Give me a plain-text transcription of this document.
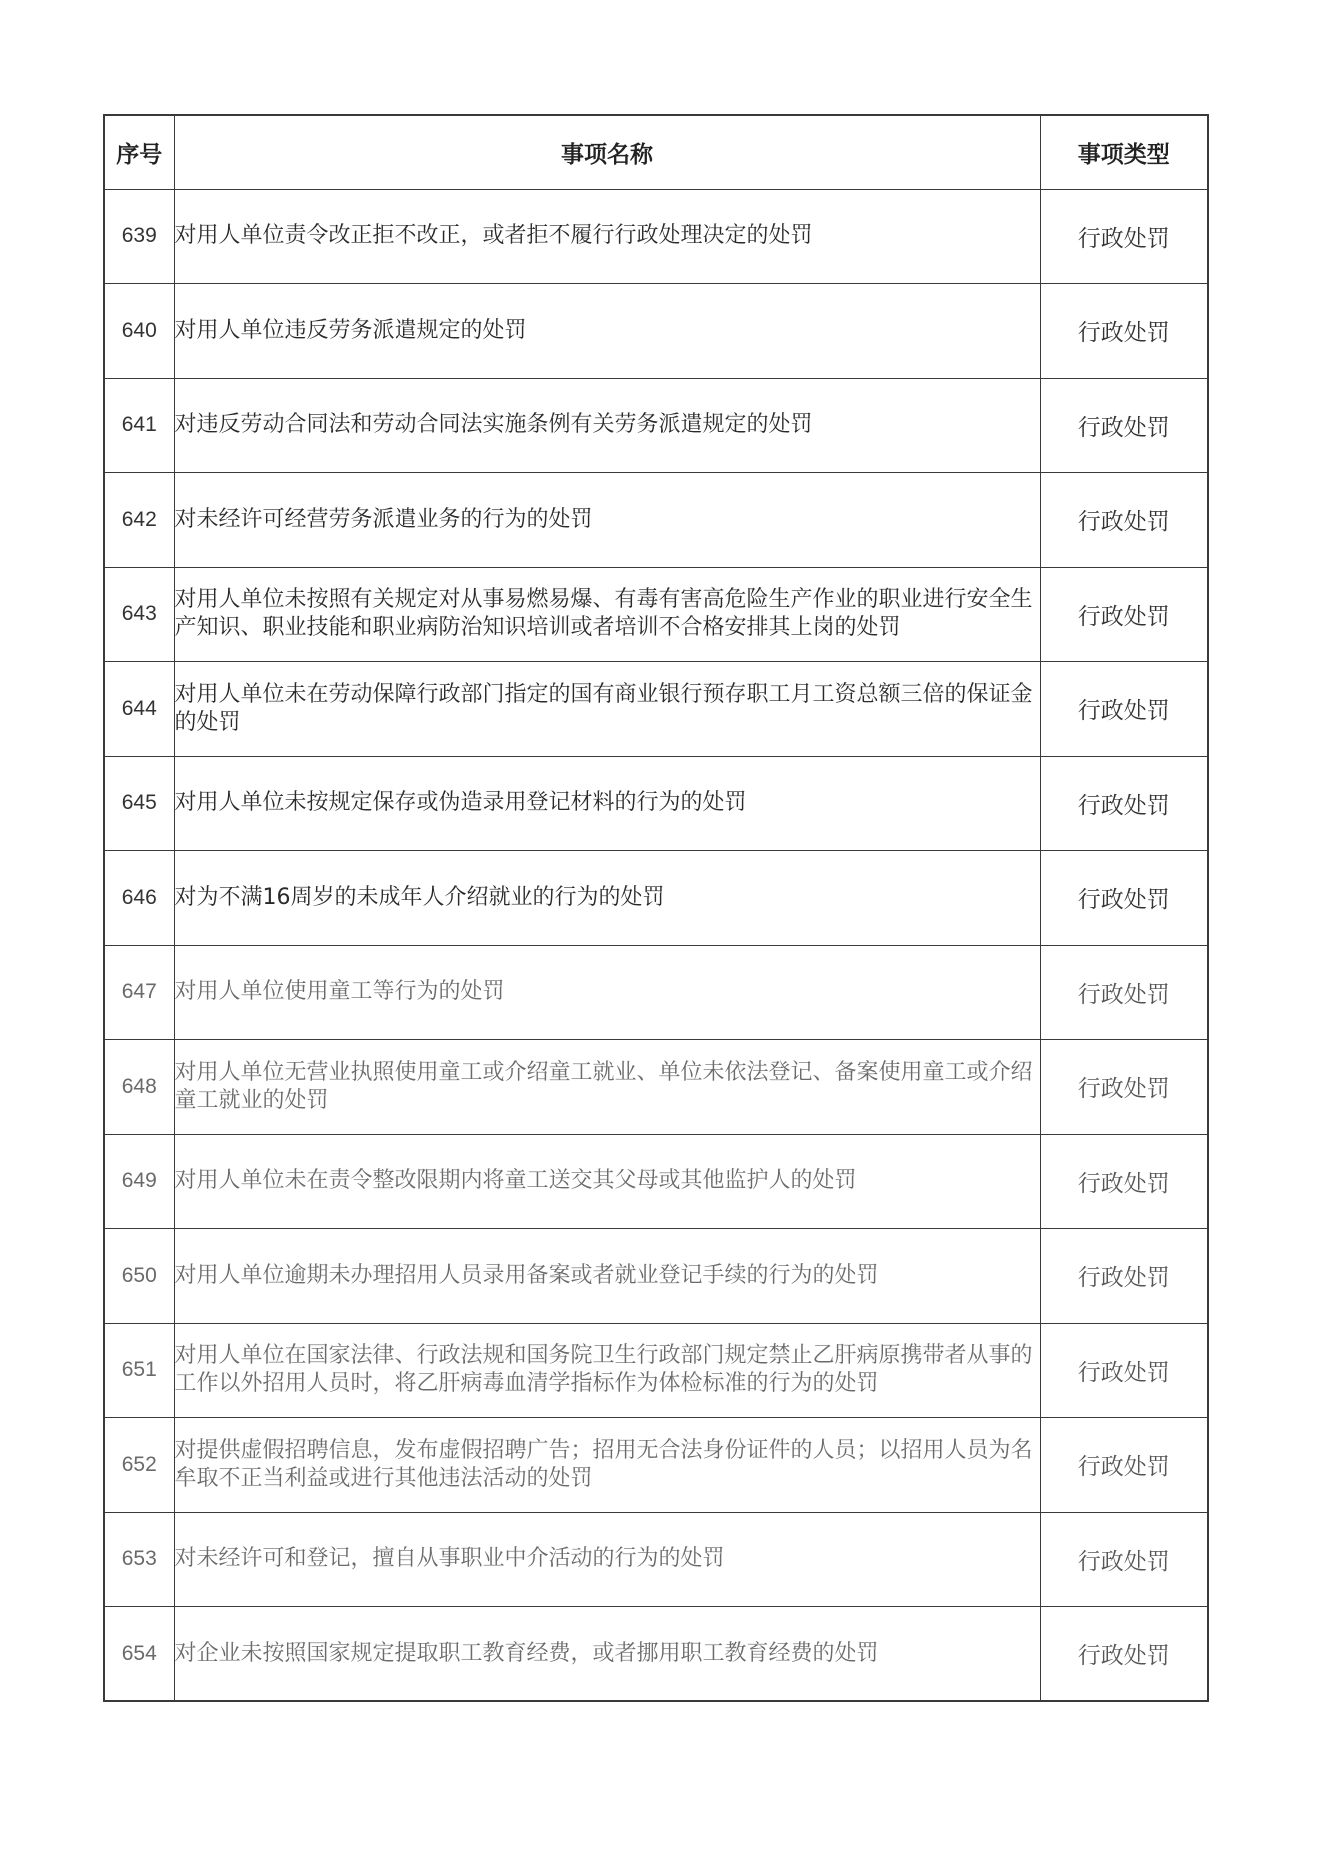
序号	事项名称	事项类型
639	对用人单位责令改正拒不改正，或者拒不履行行政处理决定的处罚	行政处罚
640	对用人单位违反劳务派遣规定的处罚	行政处罚
641	对违反劳动合同法和劳动合同法实施条例有关劳务派遣规定的处罚	行政处罚
642	对未经许可经营劳务派遣业务的行为的处罚	行政处罚
643	对用人单位未按照有关规定对从事易燃易爆、有毒有害高危险生产作业的职业进行安全生产知识、职业技能和职业病防治知识培训或者培训不合格安排其上岗的处罚	行政处罚
644	对用人单位未在劳动保障行政部门指定的国有商业银行预存职工月工资总额三倍的保证金的处罚	行政处罚
645	对用人单位未按规定保存或伪造录用登记材料的行为的处罚	行政处罚
646	对为不满16周岁的未成年人介绍就业的行为的处罚	行政处罚
647	对用人单位使用童工等行为的处罚	行政处罚
648	对用人单位无营业执照使用童工或介绍童工就业、单位未依法登记、备案使用童工或介绍童工就业的处罚	行政处罚
649	对用人单位未在责令整改限期内将童工送交其父母或其他监护人的处罚	行政处罚
650	对用人单位逾期未办理招用人员录用备案或者就业登记手续的行为的处罚	行政处罚
651	对用人单位在国家法律、行政法规和国务院卫生行政部门规定禁止乙肝病原携带者从事的工作以外招用人员时，将乙肝病毒血清学指标作为体检标准的行为的处罚	行政处罚
652	对提供虚假招聘信息，发布虚假招聘广告；招用无合法身份证件的人员；以招用人员为名牟取不正当利益或进行其他违法活动的处罚	行政处罚
653	对未经许可和登记，擅自从事职业中介活动的行为的处罚	行政处罚
654	对企业未按照国家规定提取职工教育经费，或者挪用职工教育经费的处罚	行政处罚
